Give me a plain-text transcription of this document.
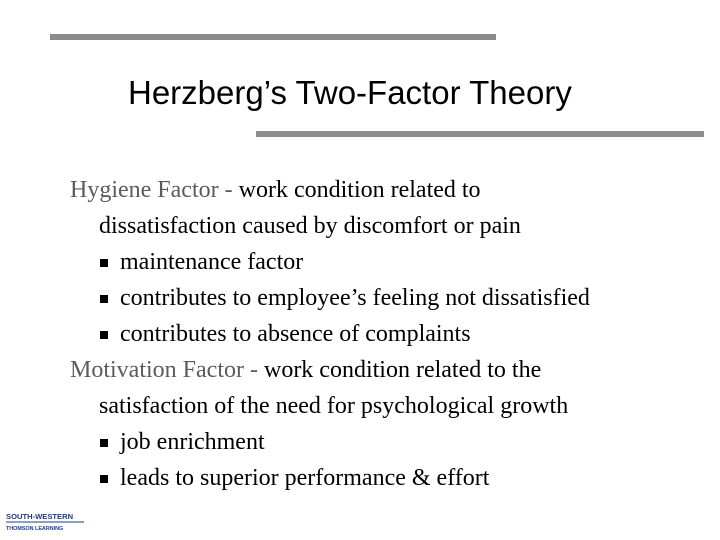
Herzberg’s Two-Factor Theory
Hygiene Factor - work condition related to
dissatisfaction caused by discomfort or pain
maintenance factor
contributes to employee’s feeling not dissatisfied
contributes to absence of complaints
Motivation Factor - work condition related to the
satisfaction of the need for psychological growth
job enrichment
leads to superior performance & effort
SOUTH-WESTERN
THOMSON LEARNING
